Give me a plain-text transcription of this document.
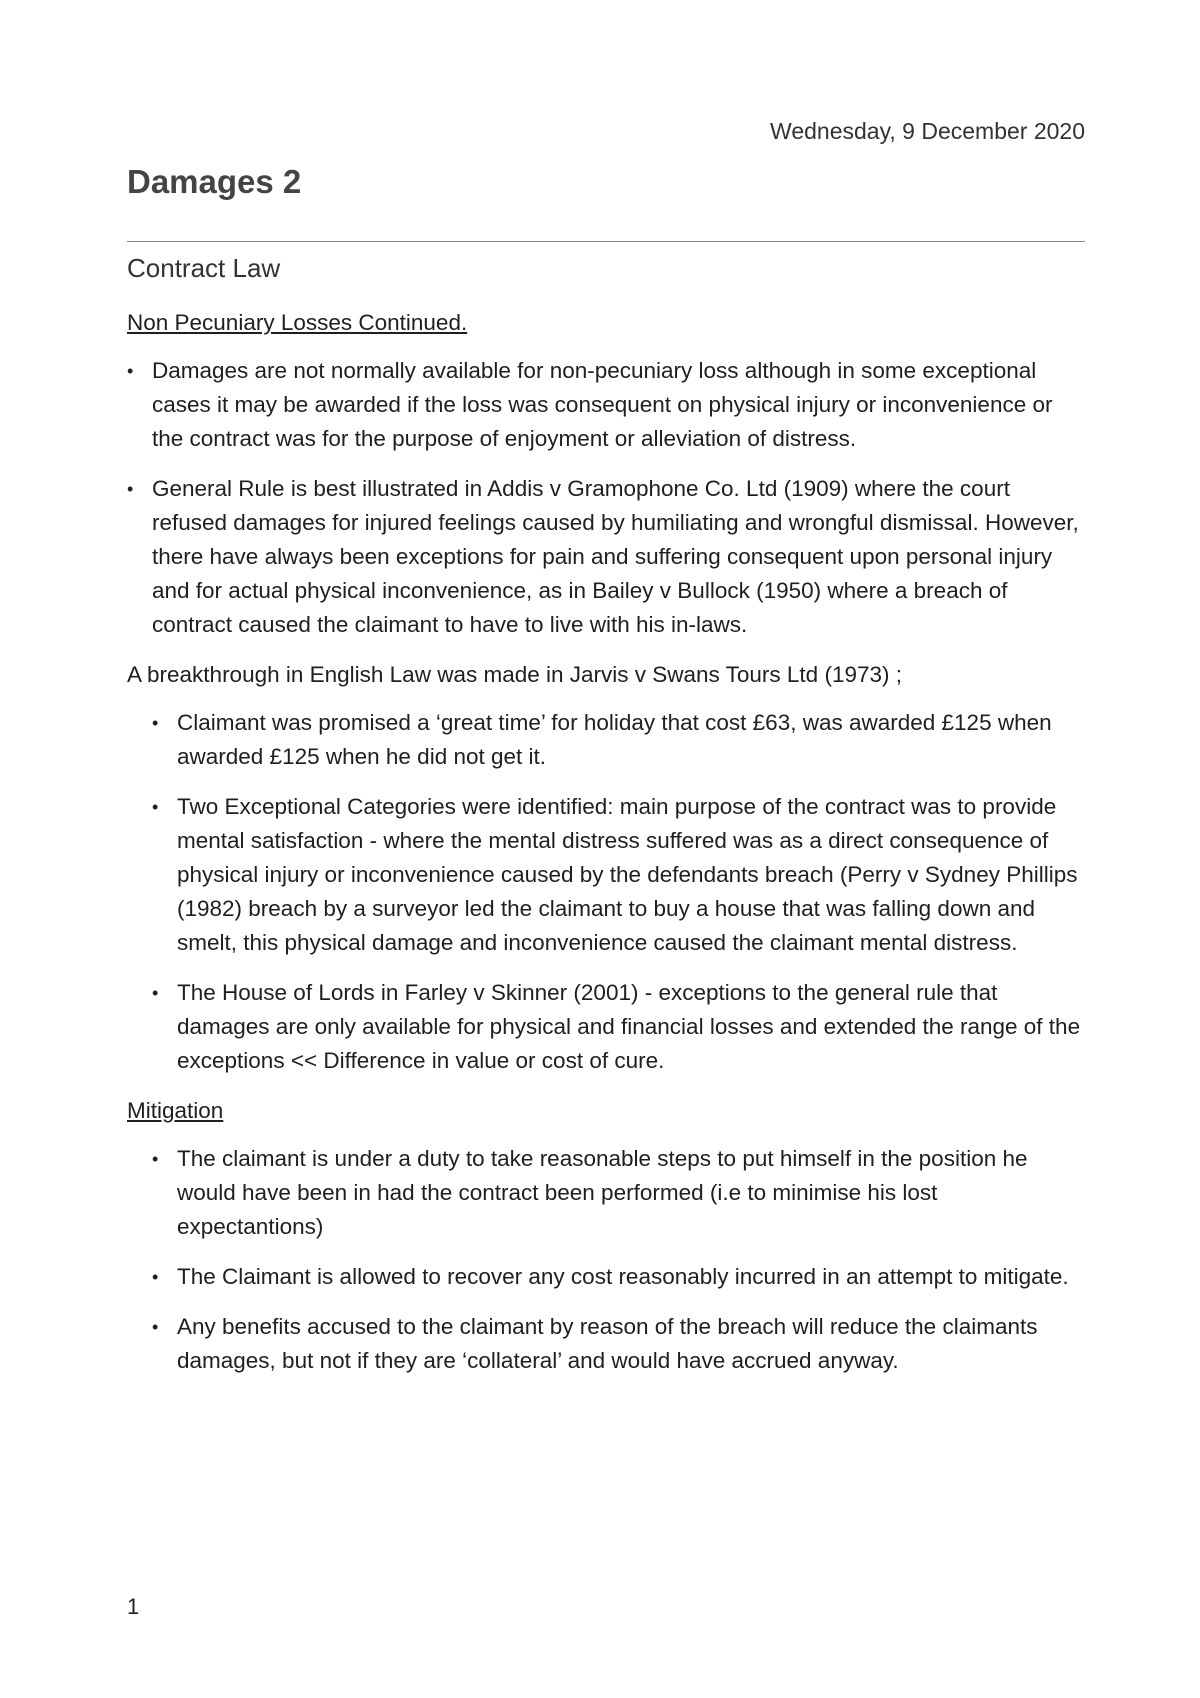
Wednesday, 9 December 2020
Damages 2
Contract Law
Non Pecuniary Losses Continued.
• Damages are not normally available for non-pecuniary loss although in some exceptional cases it may be awarded if the loss was consequent on physical injury or inconvenience or the contract was for the purpose of enjoyment or alleviation of distress.
• General Rule is best illustrated in Addis v Gramophone Co. Ltd (1909) where the court refused damages for injured feelings caused by humiliating and wrongful dismissal. However, there have always been exceptions for pain and suffering consequent upon personal injury and for actual physical inconvenience, as in Bailey v Bullock (1950) where a breach of contract caused the claimant to have to live with his in-laws.
A breakthrough in English Law was made in Jarvis v Swans Tours Ltd (1973) ;
• Claimant was promised a ‘great time’ for holiday that cost £63, was awarded £125 when awarded £125 when he did not get it.
• Two Exceptional Categories were identified: main purpose of the contract was to provide mental satisfaction - where the mental distress suffered was as a direct consequence of physical injury or inconvenience caused by the defendants breach (Perry v Sydney Phillips (1982) breach by a surveyor led the claimant to buy a house that was falling down and smelt, this physical damage and inconvenience caused the claimant mental distress.
• The House of Lords in Farley v Skinner (2001) - exceptions to the general rule that damages are only available for physical and financial losses and extended the range of the exceptions << Difference in value or cost of cure.
Mitigation
• The claimant is under a duty to take reasonable steps to put himself in the position he would have been in had the contract been performed (i.e to minimise his lost expectantions)
• The Claimant is allowed to recover any cost reasonably incurred in an attempt to mitigate.
• Any benefits accused to the claimant by reason of the breach will reduce the claimants damages, but not if they are ‘collateral’ and would have accrued anyway.
1
